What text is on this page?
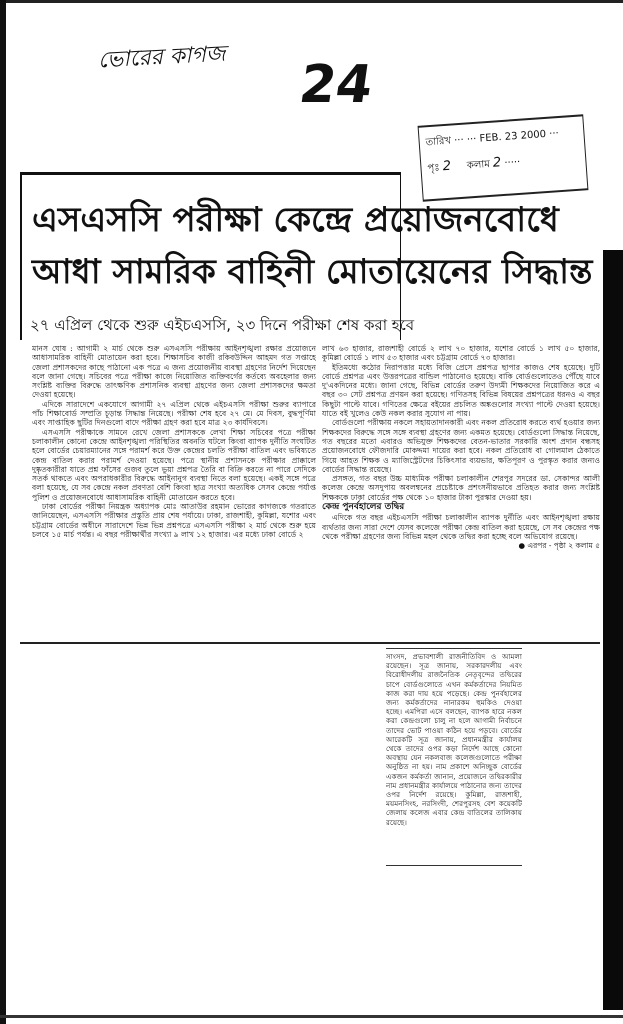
ভোরের কাগজ 24
তারিখ ··· ··· FEB. 23 2000 ···
পৃঃ 2 কলাম 2 ·····
এসএসসি পরীক্ষা কেন্দ্রে প্রয়োজনবোধে
আধা সামরিক বাহিনী মোতায়েনের সিদ্ধান্ত
২৭ এপ্রিল থেকে শুরু এইচএসসি, ২৩ দিনে পরীক্ষা শেষ করা হবে

মানস ঘোষ : আগামী ২ মার্চ থেকে শুরু এসএসসি পরীক্ষায় আইনশৃঙ্খলা রক্ষার প্রয়োজনে আধাসামরিক বাহিনী মোতায়েন করা হবে। শিক্ষাসচিব কাজী রকিবউদ্দিন আহমদ গত সপ্তাহে জেলা প্রশাসকদের কাছে পাঠানো এক পত্রে এ জন্য প্রয়োজনীয় ব্যবস্থা গ্রহণের নির্দেশ দিয়েছেন বলে জানা গেছে। সচিবের পত্রে পরীক্ষা কাজে নিয়োজিত ব্যক্তিবর্গের কর্তব্যে অবহেলার জন্য সংশ্লিষ্ট ব্যক্তির বিরুদ্ধে তাৎক্ষণিক প্রশাসনিক ব্যবস্থা গ্রহণের জন্য জেলা প্রশাসকদের ক্ষমতা দেওয়া হয়েছে।

এদিকে সারাদেশে একযোগে আগামী ২৭ এপ্রিল থেকে এইচএসসি পরীক্ষা শুরুর ব্যাপারে পাঁচ শিক্ষাবোর্ড সম্প্রতি চূড়ান্ত সিদ্ধান্ত নিয়েছে। পরীক্ষা শেষ হবে ২৭ মে। মে দিবস, বুদ্ধপূর্ণিমা এবং সাপ্তাহিক ছুটির দিনগুলো বাদে পরীক্ষা গ্রহণ করা হবে মাত্র ২৩ কার্যদিবসে।

এসএসসি পরীক্ষাকে সামনে রেখে জেলা প্রশাসককে লেখা শিক্ষা সচিবের পত্রে পরীক্ষা চলাকালীন কোনো কেন্দ্রে আইনশৃঙ্খলা পরিস্থিতির অবনতি ঘটলে কিংবা ব্যাপক দুর্নীতি সংঘটিত হলে বোর্ডের চেয়ারম্যানের সঙ্গে পরামর্শ করে উক্ত কেন্দ্রের চলতি পরীক্ষা বাতিল এবং ভবিষ্যতে কেন্দ্র বাতিল করার পরামর্শ দেওয়া হয়েছে। পত্রে স্থানীয় প্রশাসনকে পরীক্ষার প্রাক্কালে দুষ্কৃতকারীরা যাতে প্রশ্ন ফাঁসের গুজব তুলে ভুয়া প্রশ্নপত্র তৈরি বা বিক্রি করতে না পারে সেদিকে সতর্ক থাকতে এবং অপরাধকারীর বিরুদ্ধে আইনানুগ ব্যবস্থা নিতে বলা হয়েছে। একই সঙ্গে পত্রে বলা হয়েছে, যে সব কেন্দ্রে নকল প্রবণতা বেশি কিংবা ছাত্র সংখ্যা অত্যধিক সেসব কেন্দ্রে পর্যাপ্ত পুলিশ ও প্রয়োজনবোধে আধাসামরিক বাহিনী মোতায়েন করতে হবে।

ঢাকা বোর্ডের পরীক্ষা নিয়ন্ত্রক অধ্যাপক মোঃ আতাউর রহমান ভোরের কাগজকে গতরাতে জানিয়েছেন, এসএসসি পরীক্ষার প্রস্তুতি প্রায় শেষ পর্যায়ে। ঢাকা, রাজশাহী, কুমিল্লা, যশোর এবং চট্টগ্রাম বোর্ডের অধীনে সারাদেশে ভিন্ন ভিন্ন প্রশ্নপত্রে এসএসসি পরীক্ষা ২ মার্চ থেকে শুরু হয়ে চলবে ১৫ মার্চ পর্যন্ত। এ বছর পরীক্ষার্থীর সংখ্যা ৯ লাখ ১২ হাজার। এর মধ্যে ঢাকা বোর্ডে ২

লাখ ৬৩ হাজার, রাজশাহী বোর্ডে ২ লাখ ৭০ হাজার, যশোর বোর্ডে ১ লাখ ৫০ হাজার, কুমিল্লা বোর্ডে ১ লাখ ৫৩ হাজার এবং চট্টগ্রাম বোর্ডে ৭৩ হাজার।

ইতিমধ্যে কঠোর নিরাপত্তার মধ্যে বিজি প্রেসে প্রশ্নপত্র ছাপার কাজও শেষ হয়েছে। দুটি বোর্ডে প্রশ্নপত্র এবং উত্তরপত্রের বান্ডিল পাঠানোও হয়েছে। বাকি বোর্ডগুলোতেও পৌঁছে যাবে দু'একদিনের মধ্যে। জানা গেছে, বিভিন্ন বোর্ডের তরুণ উদ্যমী শিক্ষকদের নিয়োজিত করে এ বছর ৩০ সেট প্রশ্নপত্র প্রণয়ন করা হয়েছে। গণিতসহ বিভিন্ন বিষয়ের প্রশ্নপত্রের ধরনও এ বছর কিছুটা পাল্টে যাবে। গণিতের ক্ষেত্রে বইয়ের প্রচলিত অঙ্কগুলোর সংখ্যা পাল্টে দেওয়া হয়েছে। যাতে বই খুলেও কেউ নকল করার সুযোগ না পায়।

বোর্ডগুলো পরীক্ষায় নকলে সহায়তাদানকারী এবং নকল প্রতিরোধ করতে ব্যর্থ হওয়ার জন্য শিক্ষকদের বিরুদ্ধে সঙ্গে সঙ্গে ব্যবস্থা গ্রহণের জন্য একমত হয়েছে। বোর্ডগুলো সিদ্ধান্ত নিয়েছে, গত বছরের মতো এবারও অভিযুক্ত শিক্ষকদের বেতন-ভাতার সরকারি অংশ প্রদান বন্ধসহ প্রয়োজনবোধে ফৌজদারি মোকদ্দমা দায়ের করা হবে। নকল প্রতিরোধ বা গোলমাল ঠেকাতে গিয়ে আহত শিক্ষক ও ম্যাজিস্ট্রেটদের চিকিৎসার ব্যয়ভার, ক্ষতিপূরণ ও পুরস্কৃত করার জন্যও বোর্ডের সিদ্ধান্ত রয়েছে।

প্রসঙ্গত, গত বছর উচ্চ মাধ্যমিক পরীক্ষা চলাকালীন শেরপুর সদরের ডা. সেকান্দর আলী কলেজ কেন্দ্রে অসদুপায় অবলম্বনের প্রচেষ্টাকে প্রশংসনীয়ভাবে প্রতিহত করার জন্য সংশ্লিষ্ট শিক্ষককে ঢাকা বোর্ডের পক্ষ থেকে ১০ হাজার টাকা পুরস্কার দেওয়া হয়।

কেন্দ্র পুনর্বহালের তদ্বির

এদিকে গত বছর এইচএসসি পরীক্ষা চলাকালীন ব্যাপক দুর্নীতি এবং আইনশৃঙ্খলা রক্ষায় ব্যর্থতার জন্য সারা দেশে যেসব কলেজে পরীক্ষা কেন্দ্র বাতিল করা হয়েছে, সে সব কেন্দ্রের পক্ষ থেকে পরীক্ষা গ্রহণের জন্য বিভিন্ন মহল থেকে তদ্বির করা হচ্ছে বলে অভিযোগ রয়েছে।

● এরপর - পৃষ্ঠা ২ কলাম ৫

সাংসদ, প্রভাবশালী রাজনীতিবিদ ও আমলা রয়েছেন। সূত্র জানায়, সরকারদলীয় এবং বিরোধীদলীয় রাজনৈতিক নেতৃবৃন্দের তদ্বিরের চাপে বোর্ডগুলোতে এখন কর্মকর্তাদের নিয়মিত কাজ করা দায় হয়ে পড়েছে। কেন্দ্র পুনর্বহালের জন্য কর্মকর্তাদের নানারকম হুমকিও দেওয়া হচ্ছে। এমপিরা এসে বলছেন, ব্যাপক হারে নকল করা কেন্দ্রগুলো চালু না হলে আগামী নির্বাচনে তাদের ভোট পাওয়া কঠিন হয়ে পড়বে। বোর্ডের আরেকটি সূত্র জানায়, প্রধানমন্ত্রীর কার্যালয় থেকে তাদের ওপর কড়া নির্দেশ আছে কোনো অবস্থায় যেন নকলবাজ কলেজগুলোতে পরীক্ষা অনুষ্ঠিত না হয়। নাম প্রকাশে অনিচ্ছুক বোর্ডের একজন কর্মকর্তা জানান, প্রয়োজনে তদ্বিরকারীর নাম প্রধানমন্ত্রীর কার্যালয়ে পাঠানোর জন্য তাদের ওপর নির্দেশ রয়েছে। কুমিল্লা, রাজশাহী, ময়মনসিংহ, নরসিংদী, শেরপুরসহ বেশ কয়েকটি জেলায় কলেজ এবার কেন্দ্র বাতিলের তালিকায় রয়েছে।
